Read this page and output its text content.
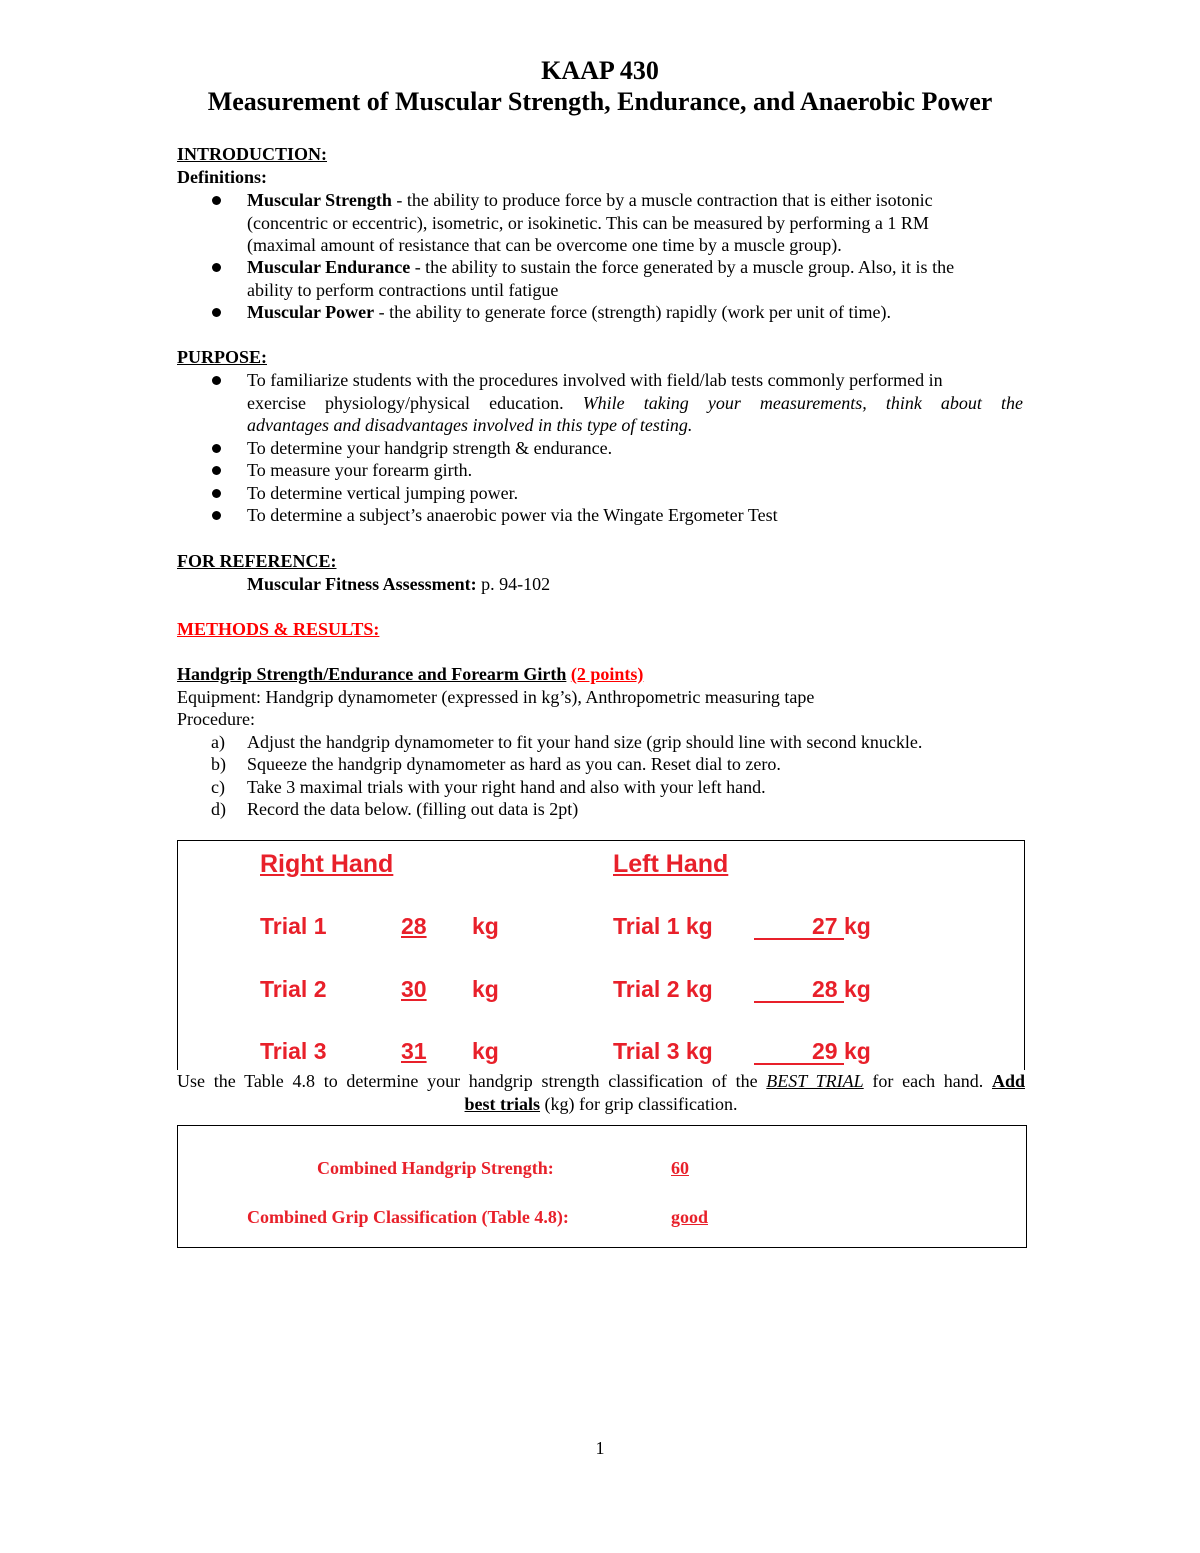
KAAP 430
Measurement of Muscular Strength, Endurance, and Anaerobic Power
INTRODUCTION:
Definitions:
Muscular Strength - the ability to produce force by a muscle contraction that is either isotonic
(concentric or eccentric), isometric, or isokinetic. This can be measured by performing a 1 RM
(maximal amount of resistance that can be overcome one time by a muscle group).
Muscular Endurance - the ability to sustain the force generated by a muscle group. Also, it is the
ability to perform contractions until fatigue
Muscular Power - the ability to generate force (strength) rapidly (work per unit of time).
PURPOSE:
To familiarize students with the procedures involved with field/lab tests commonly performed in
exercise physiology/physical education. While taking your measurements, think about the
advantages and disadvantages involved in this type of testing.
To determine your handgrip strength & endurance.
To measure your forearm girth.
To determine vertical jumping power.
To determine a subject’s anaerobic power via the Wingate Ergometer Test
FOR REFERENCE:
Muscular Fitness Assessment: p. 94-102
METHODS & RESULTS:
Handgrip Strength/Endurance and Forearm Girth (2 points)
Equipment: Handgrip dynamometer (expressed in kg’s), Anthropometric measuring tape
Procedure:
a) Adjust the handgrip dynamometer to fit your hand size (grip should line with second knuckle.
b) Squeeze the handgrip dynamometer as hard as you can. Reset dial to zero.
c) Take 3 maximal trials with your right hand and also with your left hand.
d) Record the data below. (filling out data is 2pt)
Right Hand	Left Hand
Trial 1	28 kg	Trial 1 kg	27 kg
Trial 2	30 kg	Trial 2 kg	28 kg
Trial 3	31 kg	Trial 3 kg	29 kg
Use the Table 4.8 to determine your handgrip strength classification of the BEST TRIAL for each hand. Add
best trials (kg) for grip classification.
Combined Handgrip Strength:	60
Combined Grip Classification (Table 4.8):	good
1
